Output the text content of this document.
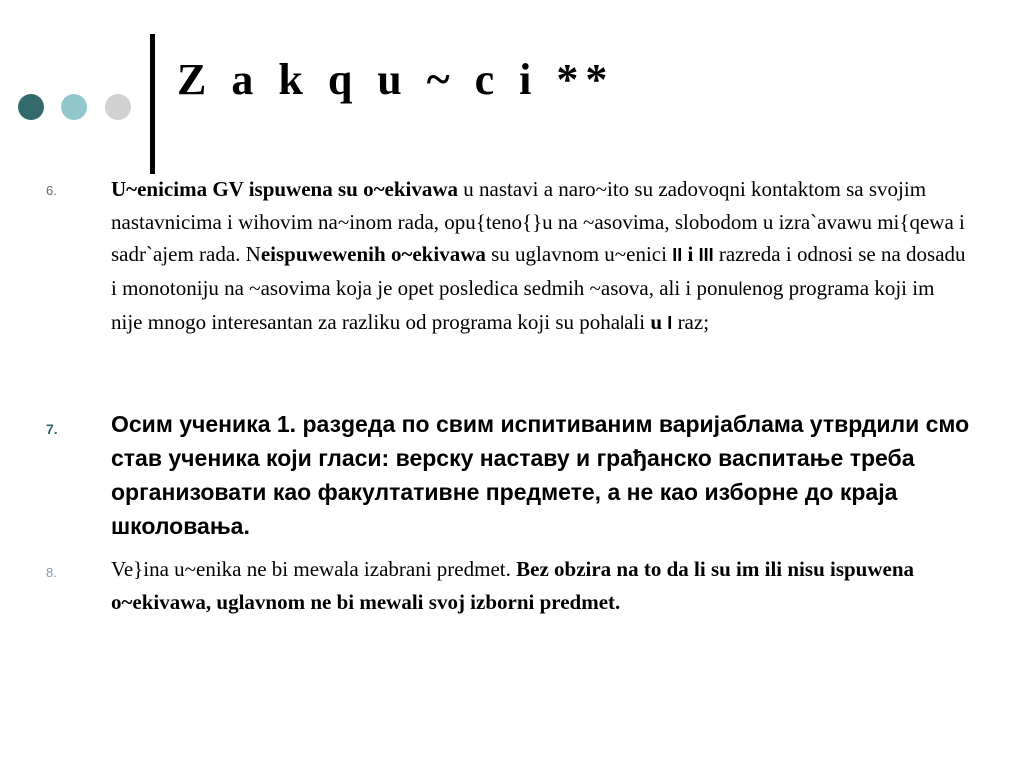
Z a k q u ~ c i **
6.	U~enicima GV ispuwena su o~ekivawa u nastavi a naro~ito su zadovoqni kontaktom sa svojim nastavnicima i wihovim na~inom rada, opu{teno{}u na ~asovima, slobodom u izra`avawu mi{qewa i sadr`ajem rada. Neispuwewenih o~ekivawa su uglavnom u~enici II i III razreda i odnosi se na dosadu i monotoniju na ~asovima koja je opet posledica sedmih ~asova, ali i ponulenog programa koji im nije mnogo interesantan za razliku od programa koji su pohalali u I raz;

7. Осим ученика 1. разgеда по свим испитиваним варијаблама утврдили смо став ученика који гласи: верску наставу и грађанско васпитање треба организовати као факултативне предмете, а не као изборне до краја школовања.

8.	Ve}ina u~enika ne bi mewala izabrani predmet. Bez obzira na to da li su im ili nisu ispuwena o~ekivawa, uglavnom ne bi mewali svoj izborni predmet.
